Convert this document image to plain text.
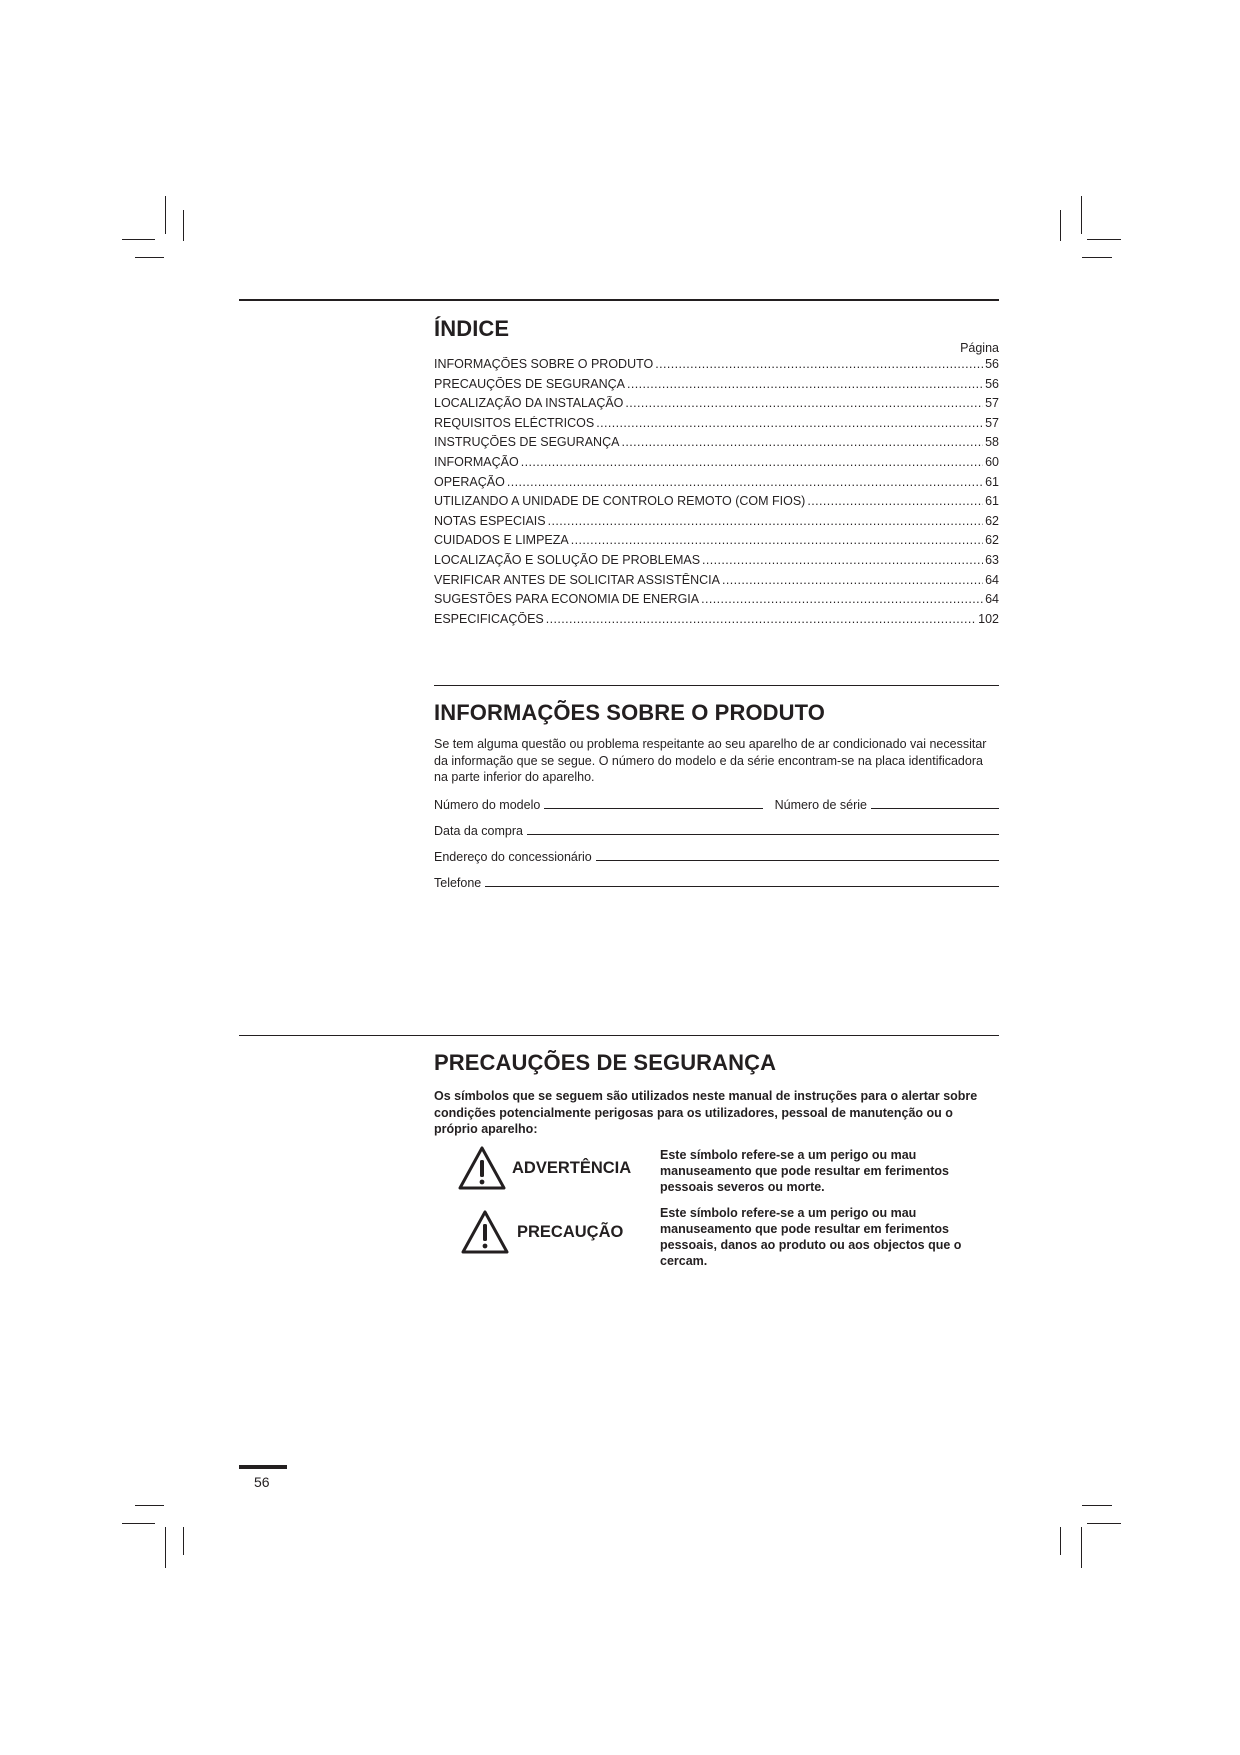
ÍNDICE
Página
INFORMAÇÕES SOBRE O PRODUTO .....	56
PRECAUÇÕES DE SEGURANÇA .....	56
LOCALIZAÇÃO DA INSTALAÇÃO .....	57
REQUISITOS ELÉCTRICOS .....	57
INSTRUÇÕES DE SEGURANÇA .....	58
INFORMAÇÃO .....	60
OPERAÇÃO .....	61
UTILIZANDO A UNIDADE DE CONTROLO REMOTO (COM FIOS) .....	61
NOTAS ESPECIAIS .....	62
CUIDADOS E LIMPEZA .....	62
LOCALIZAÇÃO E SOLUÇÃO DE PROBLEMAS .....	63
VERIFICAR ANTES DE SOLICITAR ASSISTÊNCIA .....	64
SUGESTÕES PARA ECONOMIA DE ENERGIA .....	64
ESPECIFICAÇÕES .....	102
INFORMAÇÕES SOBRE O PRODUTO
Se tem alguma questão ou problema respeitante ao seu aparelho de ar condicionado vai necessitar da informação que se segue. O número do modelo e da série encontram-se na placa identificadora na parte inferior do aparelho.
Número do modelo	Número de série
Data da compra
Endereço do concessionário
Telefone
PRECAUÇÕES DE SEGURANÇA
Os símbolos que se seguem são utilizados neste manual de instruções para o alertar sobre condições potencialmente perigosas para os utilizadores, pessoal de manutenção ou o próprio aparelho:
ADVERTÊNCIA
Este símbolo refere-se a um perigo ou mau manuseamento que pode resultar em ferimentos pessoais severos ou morte.
PRECAUÇÃO
Este símbolo refere-se a um perigo ou mau manuseamento que pode resultar em ferimentos pessoais, danos ao produto ou aos objectos que o cercam.
56
